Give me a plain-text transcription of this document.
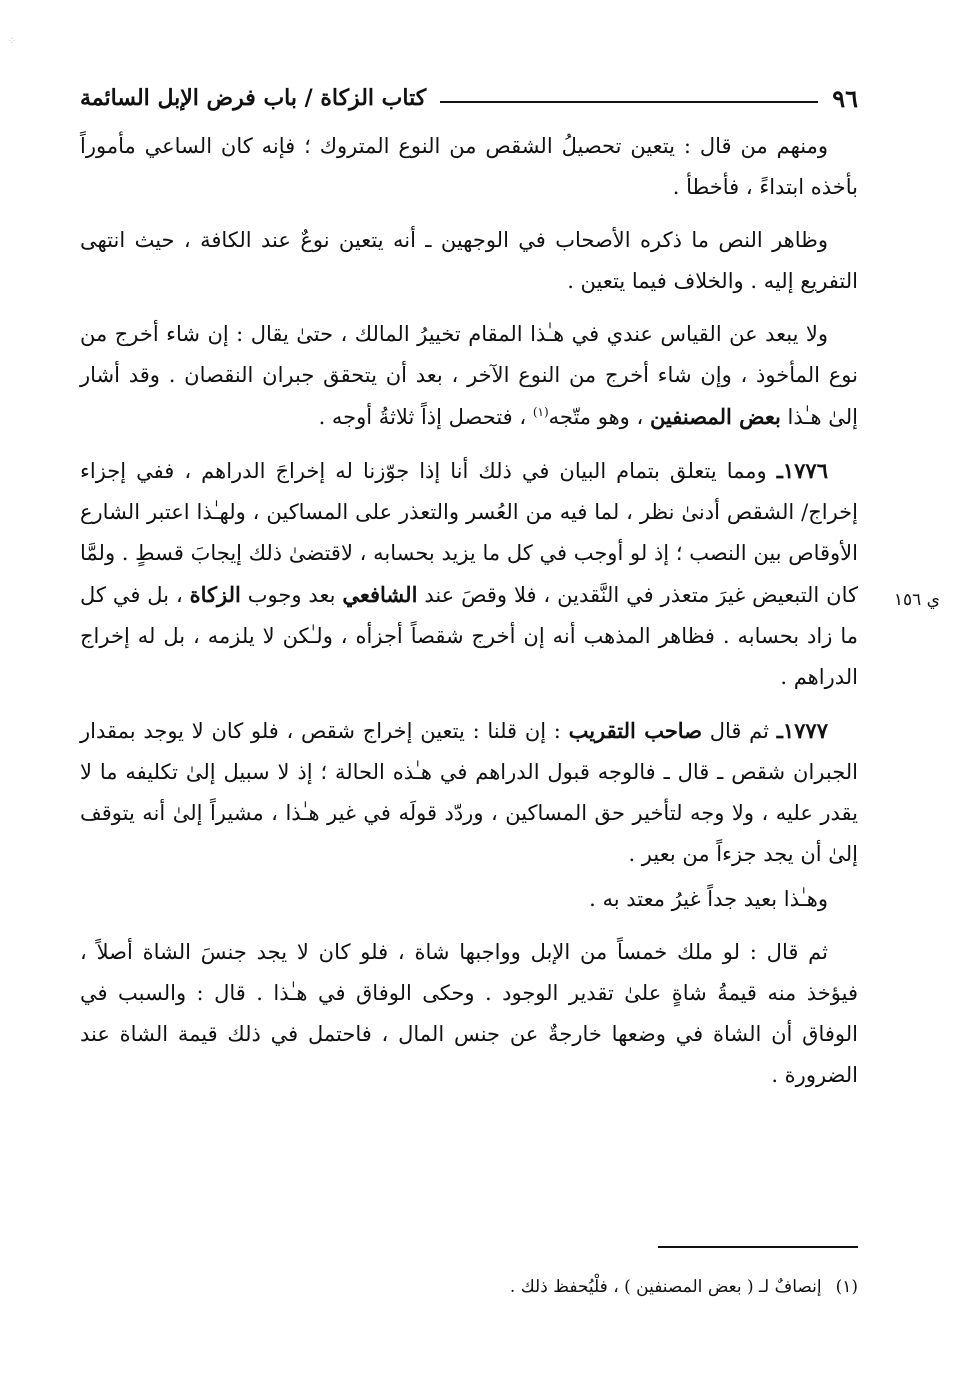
⁘
٩٦
كتاب الزكاة / باب فرض الإبل السائمة
ي ١٥٦

ومنهم من قال : يتعين تحصيلُ الشقص من النوع المتروك ؛ فإنه كان الساعي مأموراً بأخذه ابتداءً ، فأخطأ .

وظاهر النص ما ذكره الأصحاب في الوجهين ـ أنه يتعين نوعٌ عند الكافة ، حيث انتهى التفريع إليه . والخلاف فيما يتعين .

ولا يبعد عن القياس عندي في هـٰذا المقام تخييرُ المالك ، حتىٰ يقال : إن شاء أخرج من نوع المأخوذ ، وإن شاء أخرج من النوع الآخر ، بعد أن يتحقق جبران النقصان . وقد أشار إلىٰ هـٰذا بعض المصنفين ، وهو متّجه$^{(١)}$ ، فتحصل إذاً ثلاثةُ أوجه .

١٧٧٦ـ ومما يتعلق بتمام البيان في ذلك أنا إذا جوّزنا له إخراجَ الدراهم ، ففي إجزاء إخراج/ الشقص أدنىٰ نظر ، لما فيه من العُسر والتعذر على المساكين ، ولهـٰذا اعتبر الشارع الأوقاص بين النصب ؛ إذ لو أوجب في كل ما يزيد بحسابه ، لاقتضىٰ ذلك إيجابَ قسطٍ . ولمَّا كان التبعيض غيرَ متعذر في النَّقدين ، فلا وقصَ عند الشافعي بعد وجوب الزكاة ، بل في كل ما زاد بحسابه . فظاهر المذهب أنه إن أخرج شقصاً أجزأه ، ولـٰكن لا يلزمه ، بل له إخراج الدراهم .

١٧٧٧ـ ثم قال صاحب التقريب : إن قلنا : يتعين إخراج شقص ، فلو كان لا يوجد بمقدار الجبران شقص ـ قال ـ فالوجه قبول الدراهم في هـٰذه الحالة ؛ إذ لا سبيل إلىٰ تكليفه ما لا يقدر عليه ، ولا وجه لتأخير حق المساكين ، وردّد قولَه في غير هـٰذا ، مشيراً إلىٰ أنه يتوقف إلىٰ أن يجد جزءاً من بعير .

وهـٰذا بعيد جداً غيرُ معتد به .

ثم قال : لو ملك خمساً من الإبل وواجبها شاة ، فلو كان لا يجد جنسَ الشاة أصلاً ، فيؤخذ منه قيمةُ شاةٍ علىٰ تقدير الوجود . وحكى الوفاق في هـٰذا . قال : والسبب في الوفاق أن الشاة في وضعها خارجةٌ عن جنس المال ، فاحتمل في ذلك قيمة الشاة عند الضرورة .

(١)إنصافٌ لـ ( بعض المصنفين ) ، فلْيُحفظ ذلك .
